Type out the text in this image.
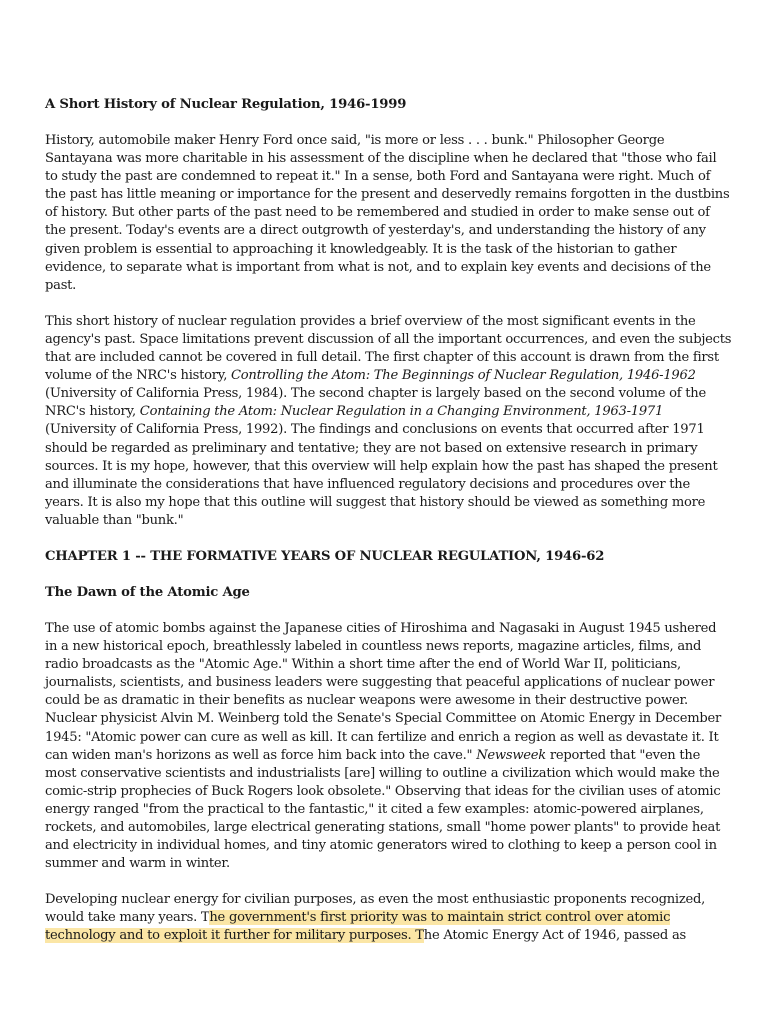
A Short History of Nuclear Regulation, 1946-1999

History, automobile maker Henry Ford once said, "is more or less . . . bunk." Philosopher George Santayana was more charitable in his assessment of the discipline when he declared that "those who fail to study the past are condemned to repeat it." In a sense, both Ford and Santayana were right. Much of the past has little meaning or importance for the present and deservedly remains forgotten in the dustbins of history. But other parts of the past need to be remembered and studied in order to make sense out of the present. Today's events are a direct outgrowth of yesterday's, and understanding the history of any given problem is essential to approaching it knowledgeably. It is the task of the historian to gather evidence, to separate what is important from what is not, and to explain key events and decisions of the past.

This short history of nuclear regulation provides a brief overview of the most significant events in the agency's past. Space limitations prevent discussion of all the important occurrences, and even the subjects that are included cannot be covered in full detail. The first chapter of this account is drawn from the first volume of the NRC's history, Controlling the Atom: The Beginnings of Nuclear Regulation, 1946-1962 (University of California Press, 1984). The second chapter is largely based on the second volume of the NRC's history, Containing the Atom: Nuclear Regulation in a Changing Environment, 1963-1971 (University of California Press, 1992). The findings and conclusions on events that occurred after 1971 should be regarded as preliminary and tentative; they are not based on extensive research in primary sources. It is my hope, however, that this overview will help explain how the past has shaped the present and illuminate the considerations that have influenced regulatory decisions and procedures over the years. It is also my hope that this outline will suggest that history should be viewed as something more valuable than "bunk."

CHAPTER 1 -- THE FORMATIVE YEARS OF NUCLEAR REGULATION, 1946-62
The Dawn of the Atomic Age

The use of atomic bombs against the Japanese cities of Hiroshima and Nagasaki in August 1945 ushered in a new historical epoch, breathlessly labeled in countless news reports, magazine articles, films, and radio broadcasts as the "Atomic Age." Within a short time after the end of World War II, politicians, journalists, scientists, and business leaders were suggesting that peaceful applications of nuclear power could be as dramatic in their benefits as nuclear weapons were awesome in their destructive power. Nuclear physicist Alvin M. Weinberg told the Senate's Special Committee on Atomic Energy in December 1945: "Atomic power can cure as well as kill. It can fertilize and enrich a region as well as devastate it. It can widen man's horizons as well as force him back into the cave." Newsweek reported that "even the most conservative scientists and industrialists [are] willing to outline a civilization which would make the comic-strip prophecies of Buck Rogers look obsolete." Observing that ideas for the civilian uses of atomic energy ranged "from the practical to the fantastic," it cited a few examples: atomic-powered airplanes, rockets, and automobiles, large electrical generating stations, small "home power plants" to provide heat and electricity in individual homes, and tiny atomic generators wired to clothing to keep a person cool in summer and warm in winter.

Developing nuclear energy for civilian purposes, as even the most enthusiastic proponents recognized, would take many years. The government's first priority was to maintain strict control over atomic technology and to exploit it further for military purposes. The Atomic Energy Act of 1946, passed as
